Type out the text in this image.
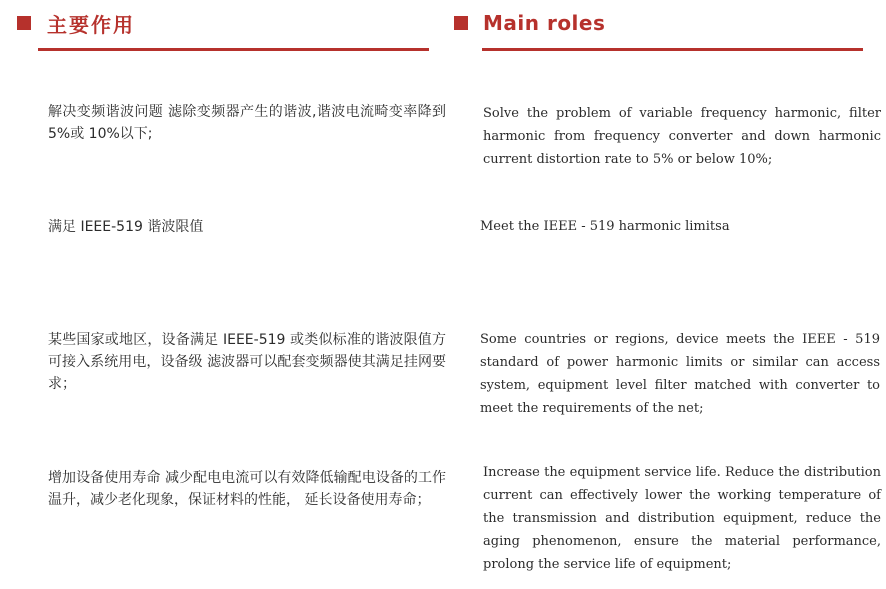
主要作用

解决变频谐波问题 滤除变频器产生的谐波,谐波电流畸变率降到 5%或 10%以下;

满足 IEEE-519 谐波限值

某些国家或地区，设备满足 IEEE-519 或类似标准的谐波限值方可接入系统用电，设备级 滤波器可以配套变频器使其满足挂网要求；

增加设备使用寿命 减少配电电流可以有效降低输配电设备的工作温升，减少老化现象，保证材料的性能， 延长设备使用寿命；

Main roles

Solve the problem of variable frequency harmonic, filter harmonic from frequency converter and down harmonic current distortion rate to 5% or below 10%;

Meet the IEEE - 519 harmonic limitsa

Some countries or regions, device meets the IEEE - 519 standard of power harmonic limits or similar can access system, equipment level filter matched with converter to meet the requirements of the net;

Increase the equipment service life. Reduce the distribution current can effectively lower the working temperature of the transmission and distribution equipment, reduce the aging phenomenon, ensure the material performance, prolong the service life of equipment;
